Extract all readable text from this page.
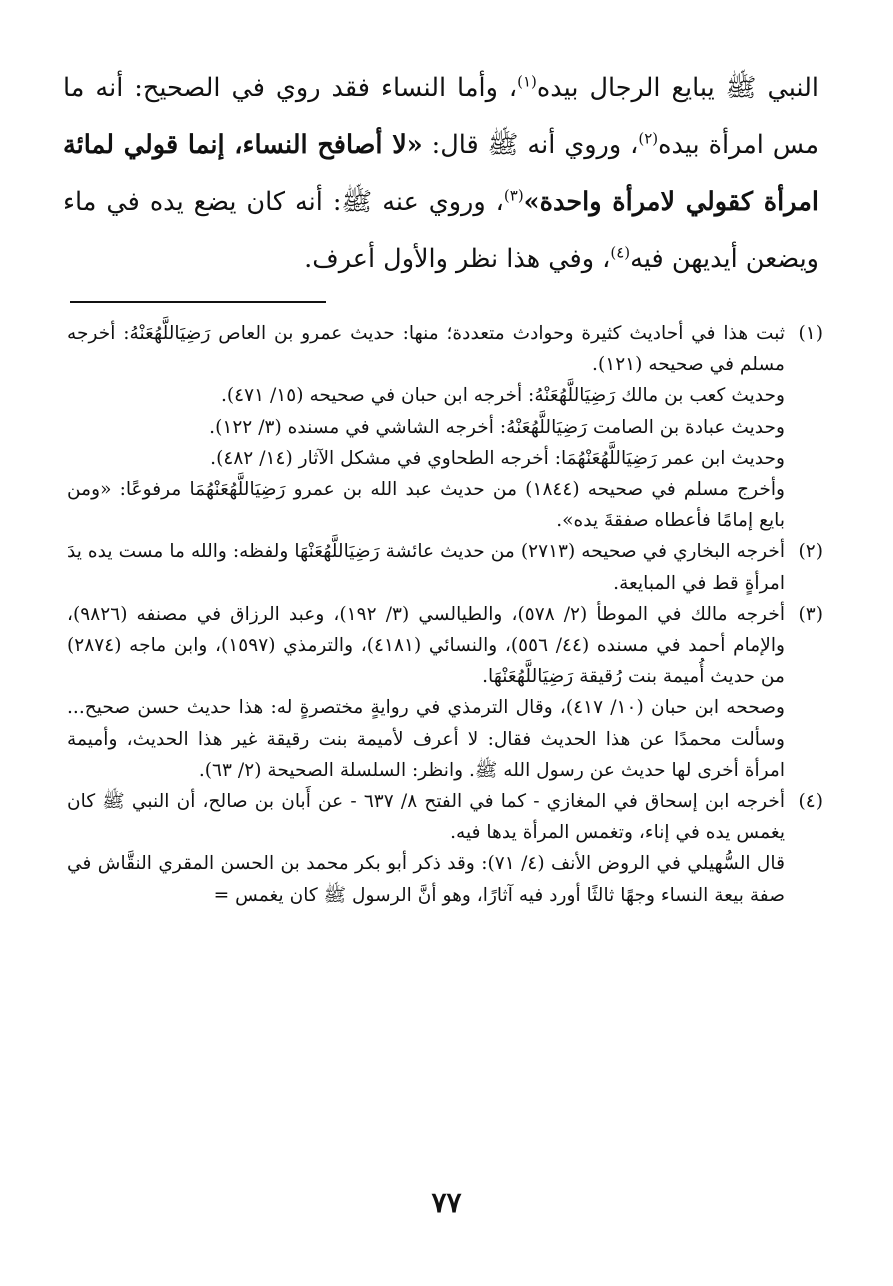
النبي ﷺ يبايع الرجال بيده$^{(١)}$، وأما النساء فقد روي في الصحيح: أنه ما مس امرأة بيده$^{(٢)}$، وروي أنه ﷺ قال: «لا أصافح النساء، إنما قولي لمائة امرأة كقولي لامرأة واحدة»$^{(٣)}$، وروي عنه ﷺ: أنه كان يضع يده في ماء ويضعن أيديهن فيه$^{(٤)}$، وفي هذا نظر والأول أعرف.

(١)

ثبت هذا في أحاديث كثيرة وحوادث متعددة؛ منها: حديث عمرو بن العاص رَضِيَاللَّهُعَنْهُ: أخرجه مسلم في صحيحه (١٢١).

وحديث كعب بن مالك رَضِيَاللَّهُعَنْهُ: أخرجه ابن حبان في صحيحه (١٥/ ٤٧١).

وحديث عبادة بن الصامت رَضِيَاللَّهُعَنْهُ: أخرجه الشاشي في مسنده (٣/ ١٢٢).

وحديث ابن عمر رَضِيَاللَّهُعَنْهُمَا: أخرجه الطحاوي في مشكل الآثار (١٤/ ٤٨٢).

وأخرج مسلم في صحيحه (١٨٤٤) من حديث عبد الله بن عمرو رَضِيَاللَّهُعَنْهُمَا مرفوعًا: «ومن بايع إمامًا فأعطاه صفقةَ يده».

(٢)

أخرجه البخاري في صحيحه (٢٧١٣) من حديث عائشة رَضِيَاللَّهُعَنْهَا ولفظه: والله ما مست يده يدَ امرأةٍ قط في المبايعة.

(٣)

أخرجه مالك في الموطأ (٢/ ٥٧٨)، والطيالسي (٣/ ١٩٢)، وعبد الرزاق في مصنفه (٩٨٢٦)، والإمام أحمد في مسنده (٤٤/ ٥٥٦)، والنسائي (٤١٨١)، والترمذي (١٥٩٧)، وابن ماجه (٢٨٧٤) من حديث أُميمة بنت رُقيقة رَضِيَاللَّهُعَنْهَا.

وصححه ابن حبان (١٠/ ٤١٧)، وقال الترمذي في روايةٍ مختصرةٍ له: هذا حديث حسن صحيح... وسألت محمدًا عن هذا الحديث فقال: لا أعرف لأميمة بنت رقيقة غير هذا الحديث، وأميمة امرأة أخرى لها حديث عن رسول الله ﷺ. وانظر: السلسلة الصحيحة (٢/ ٦٣).

(٤)

أخرجه ابن إسحاق في المغازي - كما في الفتح ٨/ ٦٣٧ - عن أَبان بن صالح، أن النبي ﷺ كان يغمس يده في إناء، وتغمس المرأة يدها فيه.

قال السُّهيلي في الروض الأنف (٤/ ٧١): وقد ذكر أبو بكر محمد بن الحسن المقري النقَّاش في صفة بيعة النساء وجهًا ثالثًا أورد فيه آثارًا، وهو أنَّ الرسول ﷺ كان يغمس =

٧٧
